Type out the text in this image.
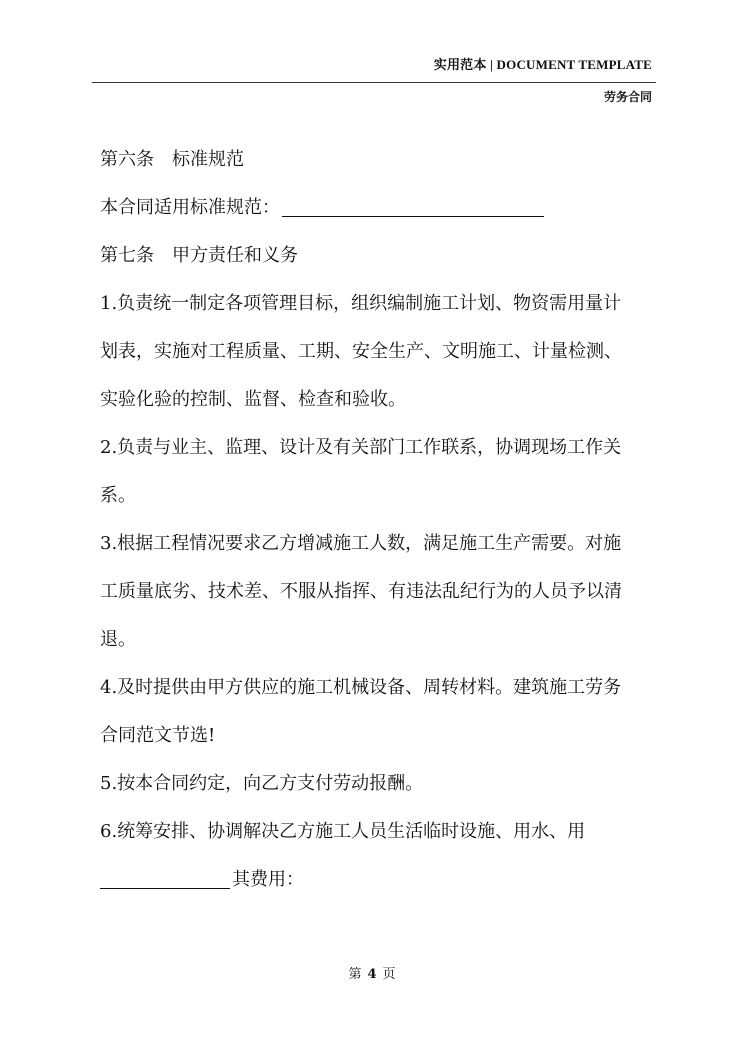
实用范本 | DOCUMENT TEMPLATE
劳务合同

第六条　标准规范

本合同适用标准规范：

第七条　甲方责任和义务

1.负责统一制定各项管理目标，组织编制施工计划、物资需用量计

划表，实施对工程质量、工期、安全生产、文明施工、计量检测、

实验化验的控制、监督、检查和验收。

2.负责与业主、监理、设计及有关部门工作联系，协调现场工作关

系。

3.根据工程情况要求乙方增减施工人数，满足施工生产需要。对施

工质量底劣、技术差、不服从指挥、有违法乱纪行为的人员予以清

退。

4.及时提供由甲方供应的施工机械设备、周转材料。建筑施工劳务

合同范文节选!

5.按本合同约定，向乙方支付劳动报酬。

6.统筹安排、协调解决乙方施工人员生活临时设施、用水、用

其费用：

第 4 页
